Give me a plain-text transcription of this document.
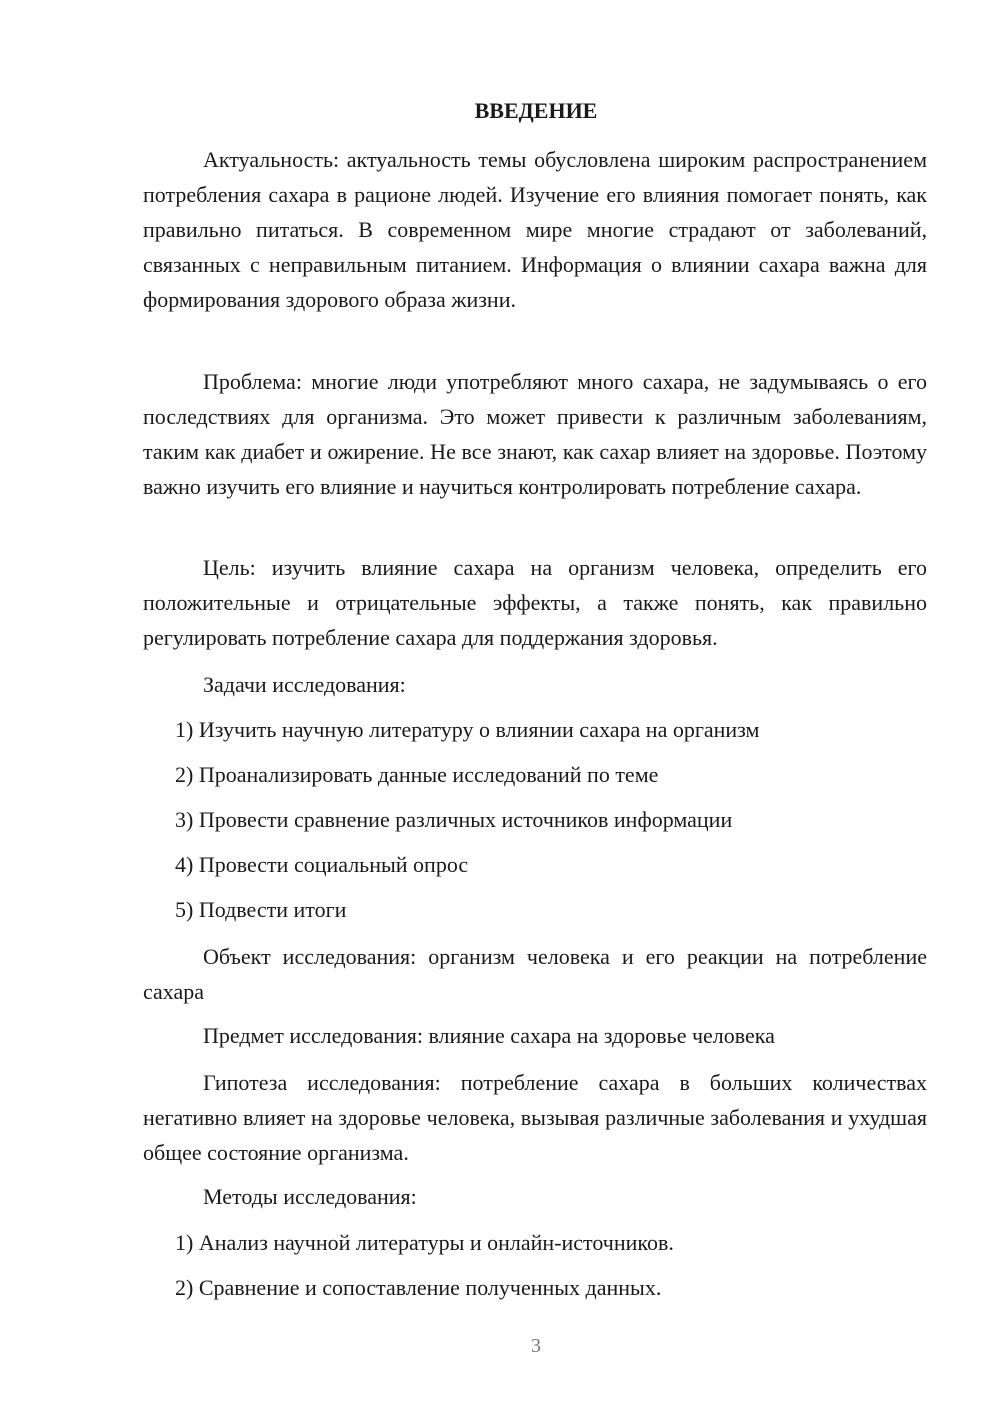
ВВЕДЕНИЕ
Актуальность: актуальность темы обусловлена широким распространением потребления сахара в рационе людей. Изучение его влияния помогает понять, как правильно питаться. В современном мире многие страдают от заболеваний, связанных с неправильным питанием. Информация о влиянии сахара важна для формирования здорового образа жизни.
Проблема: многие люди употребляют много сахара, не задумываясь о его последствиях для организма. Это может привести к различным заболеваниям, таким как диабет и ожирение. Не все знают, как сахар влияет на здоровье. Поэтому важно изучить его влияние и научиться контролировать потребление сахара.
Цель: изучить влияние сахара на организм человека, определить его положительные и отрицательные эффекты, а также понять, как правильно регулировать потребление сахара для поддержания здоровья.
Задачи исследования:
1) Изучить научную литературу о влиянии сахара на организм
2) Проанализировать данные исследований по теме
3) Провести сравнение различных источников информации
4) Провести социальный опрос
5) Подвести итоги
Объект исследования: организм человека и его реакции на потребление сахара
Предмет исследования: влияние сахара на здоровье человека
Гипотеза исследования: потребление сахара в больших количествах негативно влияет на здоровье человека, вызывая различные заболевания и ухудшая общее состояние организма.
Методы исследования:
1) Анализ научной литературы и онлайн-источников.
2) Сравнение и сопоставление полученных данных.
3
